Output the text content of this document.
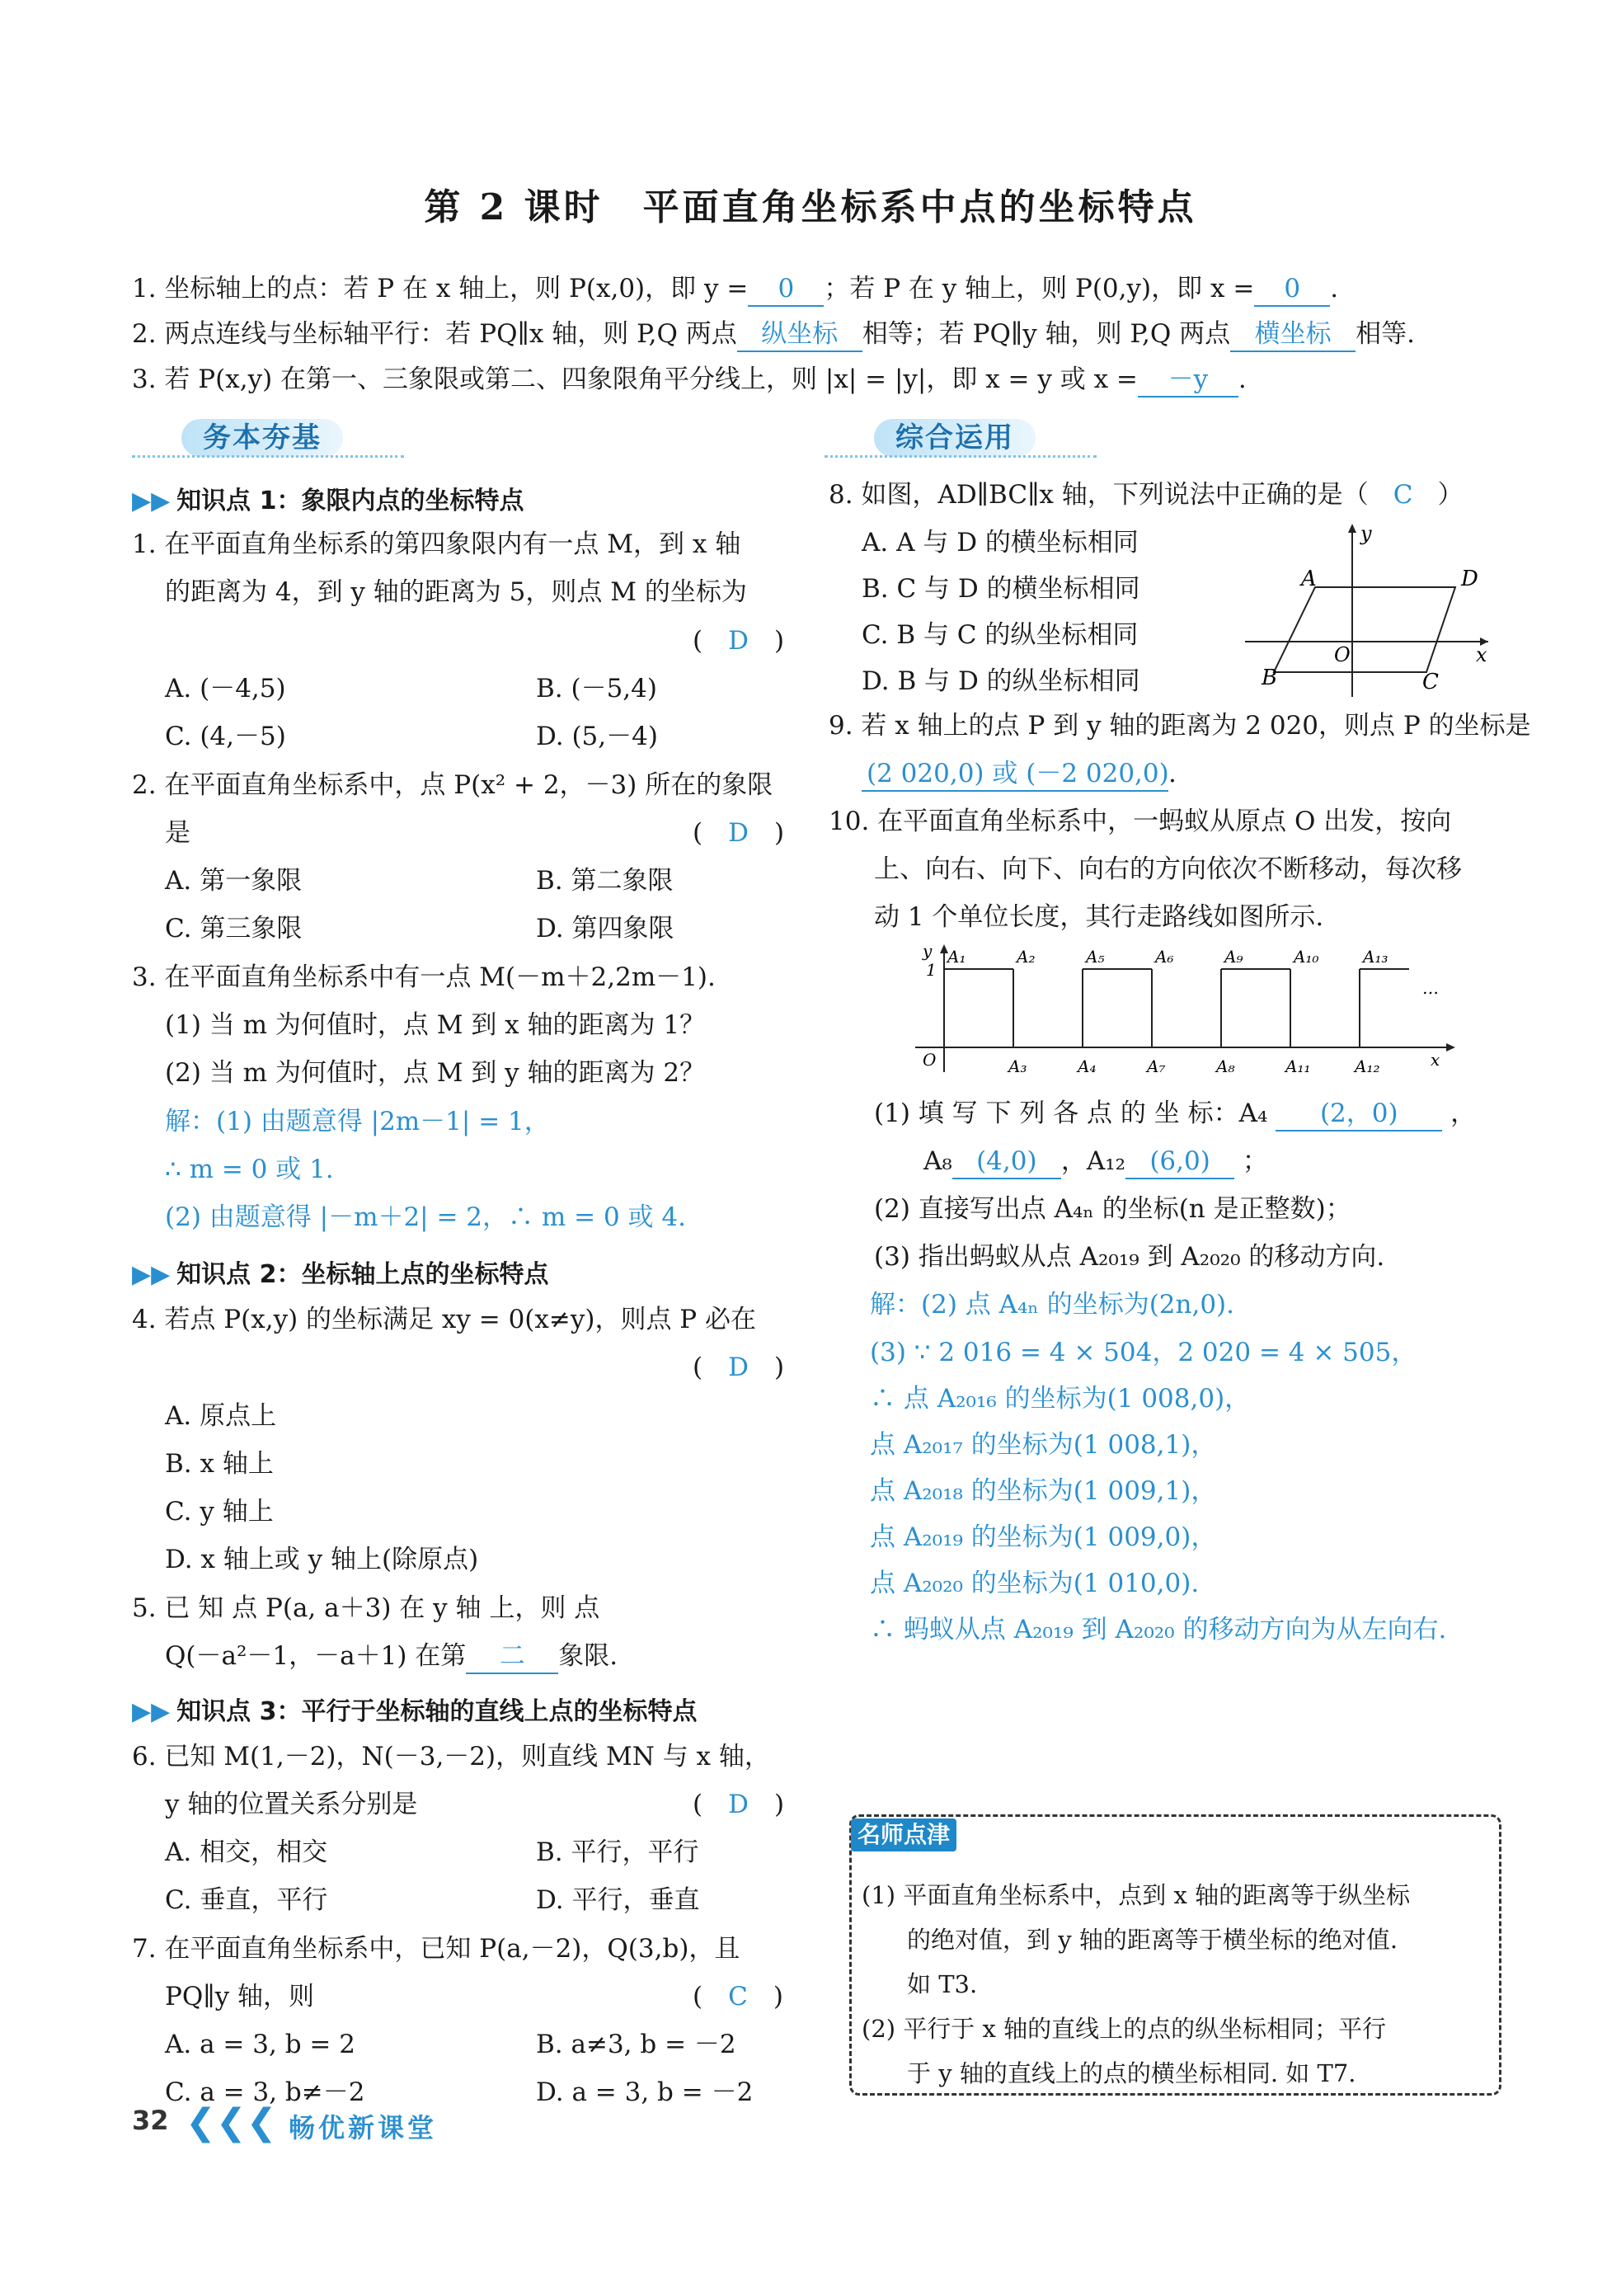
第 2 课时　平面直角坐标系中点的坐标特点
1. 坐标轴上的点：若 P 在 x 轴上，则 P(x,0)，即 y = 0 ；若 P 在 y 轴上，则 P(0,y)，即 x = 0 .
2. 两点连线与坐标轴平行：若 PQ∥x 轴，则 P,Q 两点 纵坐标 相等；若 PQ∥y 轴，则 P,Q 两点 横坐标 相等.
3. 若 P(x,y) 在第一、三象限或第二、四象限角平分线上，则 |x| = |y|，即 x = y 或 x = －y .
务本夯基	综合运用
▶▶ 知识点 1：象限内点的坐标特点
1. 在平面直角坐标系的第四象限内有一点 M，到 x 轴
的距离为 4，到 y 轴的距离为 5，则点 M 的坐标为
(　D　)
A. (－4,5)	B. (－5,4)
C. (4,－5)	D. (5,－4)
2. 在平面直角坐标系中，点 P(x² + 2，－3) 所在的象限
是	(　D　)
A. 第一象限	B. 第二象限
C. 第三象限	D. 第四象限
3. 在平面直角坐标系中有一点 M(－m＋2,2m－1).
(1) 当 m 为何值时，点 M 到 x 轴的距离为 1？
(2) 当 m 为何值时，点 M 到 y 轴的距离为 2？
解：(1) 由题意得 |2m－1| = 1，
∴ m = 0 或 1.
(2) 由题意得 |－m＋2| = 2，∴ m = 0 或 4.
▶▶ 知识点 2：坐标轴上点的坐标特点
4. 若点 P(x,y) 的坐标满足 xy = 0(x≠y)，则点 P 必在
(　D　)
A. 原点上
B. x 轴上
C. y 轴上
D. x 轴上或 y 轴上(除原点)
5. 已 知 点 P(a, a＋3) 在 y 轴 上，则 点
Q(－a²－1，－a＋1) 在第 二 象限.
▶▶ 知识点 3：平行于坐标轴的直线上点的坐标特点
6. 已知 M(1,－2)，N(－3,－2)，则直线 MN 与 x 轴，
y 轴的位置关系分别是	(　D　)
A. 相交，相交	B. 平行，平行
C. 垂直，平行	D. 平行，垂直
7. 在平面直角坐标系中，已知 P(a,－2)，Q(3,b)，且
PQ∥y 轴，则	(　C　)
A. a = 3, b = 2	B. a≠3, b = －2
C. a = 3, b≠－2	D. a = 3, b = －2
8. 如图，AD∥BC∥x 轴，下列说法中正确的是（ C ）
A. A 与 D 的横坐标相同
B. C 与 D 的横坐标相同
C. B 与 C 的纵坐标相同
D. B 与 D 的纵坐标相同
A	D
B	C
O	x
y
9. 若 x 轴上的点 P 到 y 轴的距离为 2 020，则点 P 的坐标是
(2 020,0) 或 (－2 020,0).
10. 在平面直角坐标系中，一蚂蚁从原点 O 出发，按向
上、向右、向下、向右的方向依次不断移动，每次移
动 1 个单位长度，其行走路线如图所示.
A₁	A₂	A₅	A₆	A₉	A₁₀	A₁₃
A₃	A₄	A₇	A₈	A₁₁	A₁₂
1
O	x
y
…
(1) 填 写 下 列 各 点 的 坐 标：A₄ (2，0) ，
A₈ (4,0) ，A₁₂ (6,0) ；
(2) 直接写出点 A₄ₙ 的坐标(n 是正整数)；
(3) 指出蚂蚁从点 A₂₀₁₉ 到 A₂₀₂₀ 的移动方向.
解：(2) 点 A₄ₙ 的坐标为(2n,0).
(3) ∵ 2 016 = 4 × 504，2 020 = 4 × 505，
∴ 点 A₂₀₁₆ 的坐标为(1 008,0)，
点 A₂₀₁₇ 的坐标为(1 008,1)，
点 A₂₀₁₈ 的坐标为(1 009,1)，
点 A₂₀₁₉ 的坐标为(1 009,0)，
点 A₂₀₂₀ 的坐标为(1 010,0).
∴ 蚂蚁从点 A₂₀₁₉ 到 A₂₀₂₀ 的移动方向为从左向右.
名师点津
(1) 平面直角坐标系中，点到 x 轴的距离等于纵坐标
的绝对值，到 y 轴的距离等于横坐标的绝对值.
如 T3.
(2) 平行于 x 轴的直线上的点的纵坐标相同；平行
于 y 轴的直线上的点的横坐标相同. 如 T7.
32 ❮❮❮ 畅优新课堂
